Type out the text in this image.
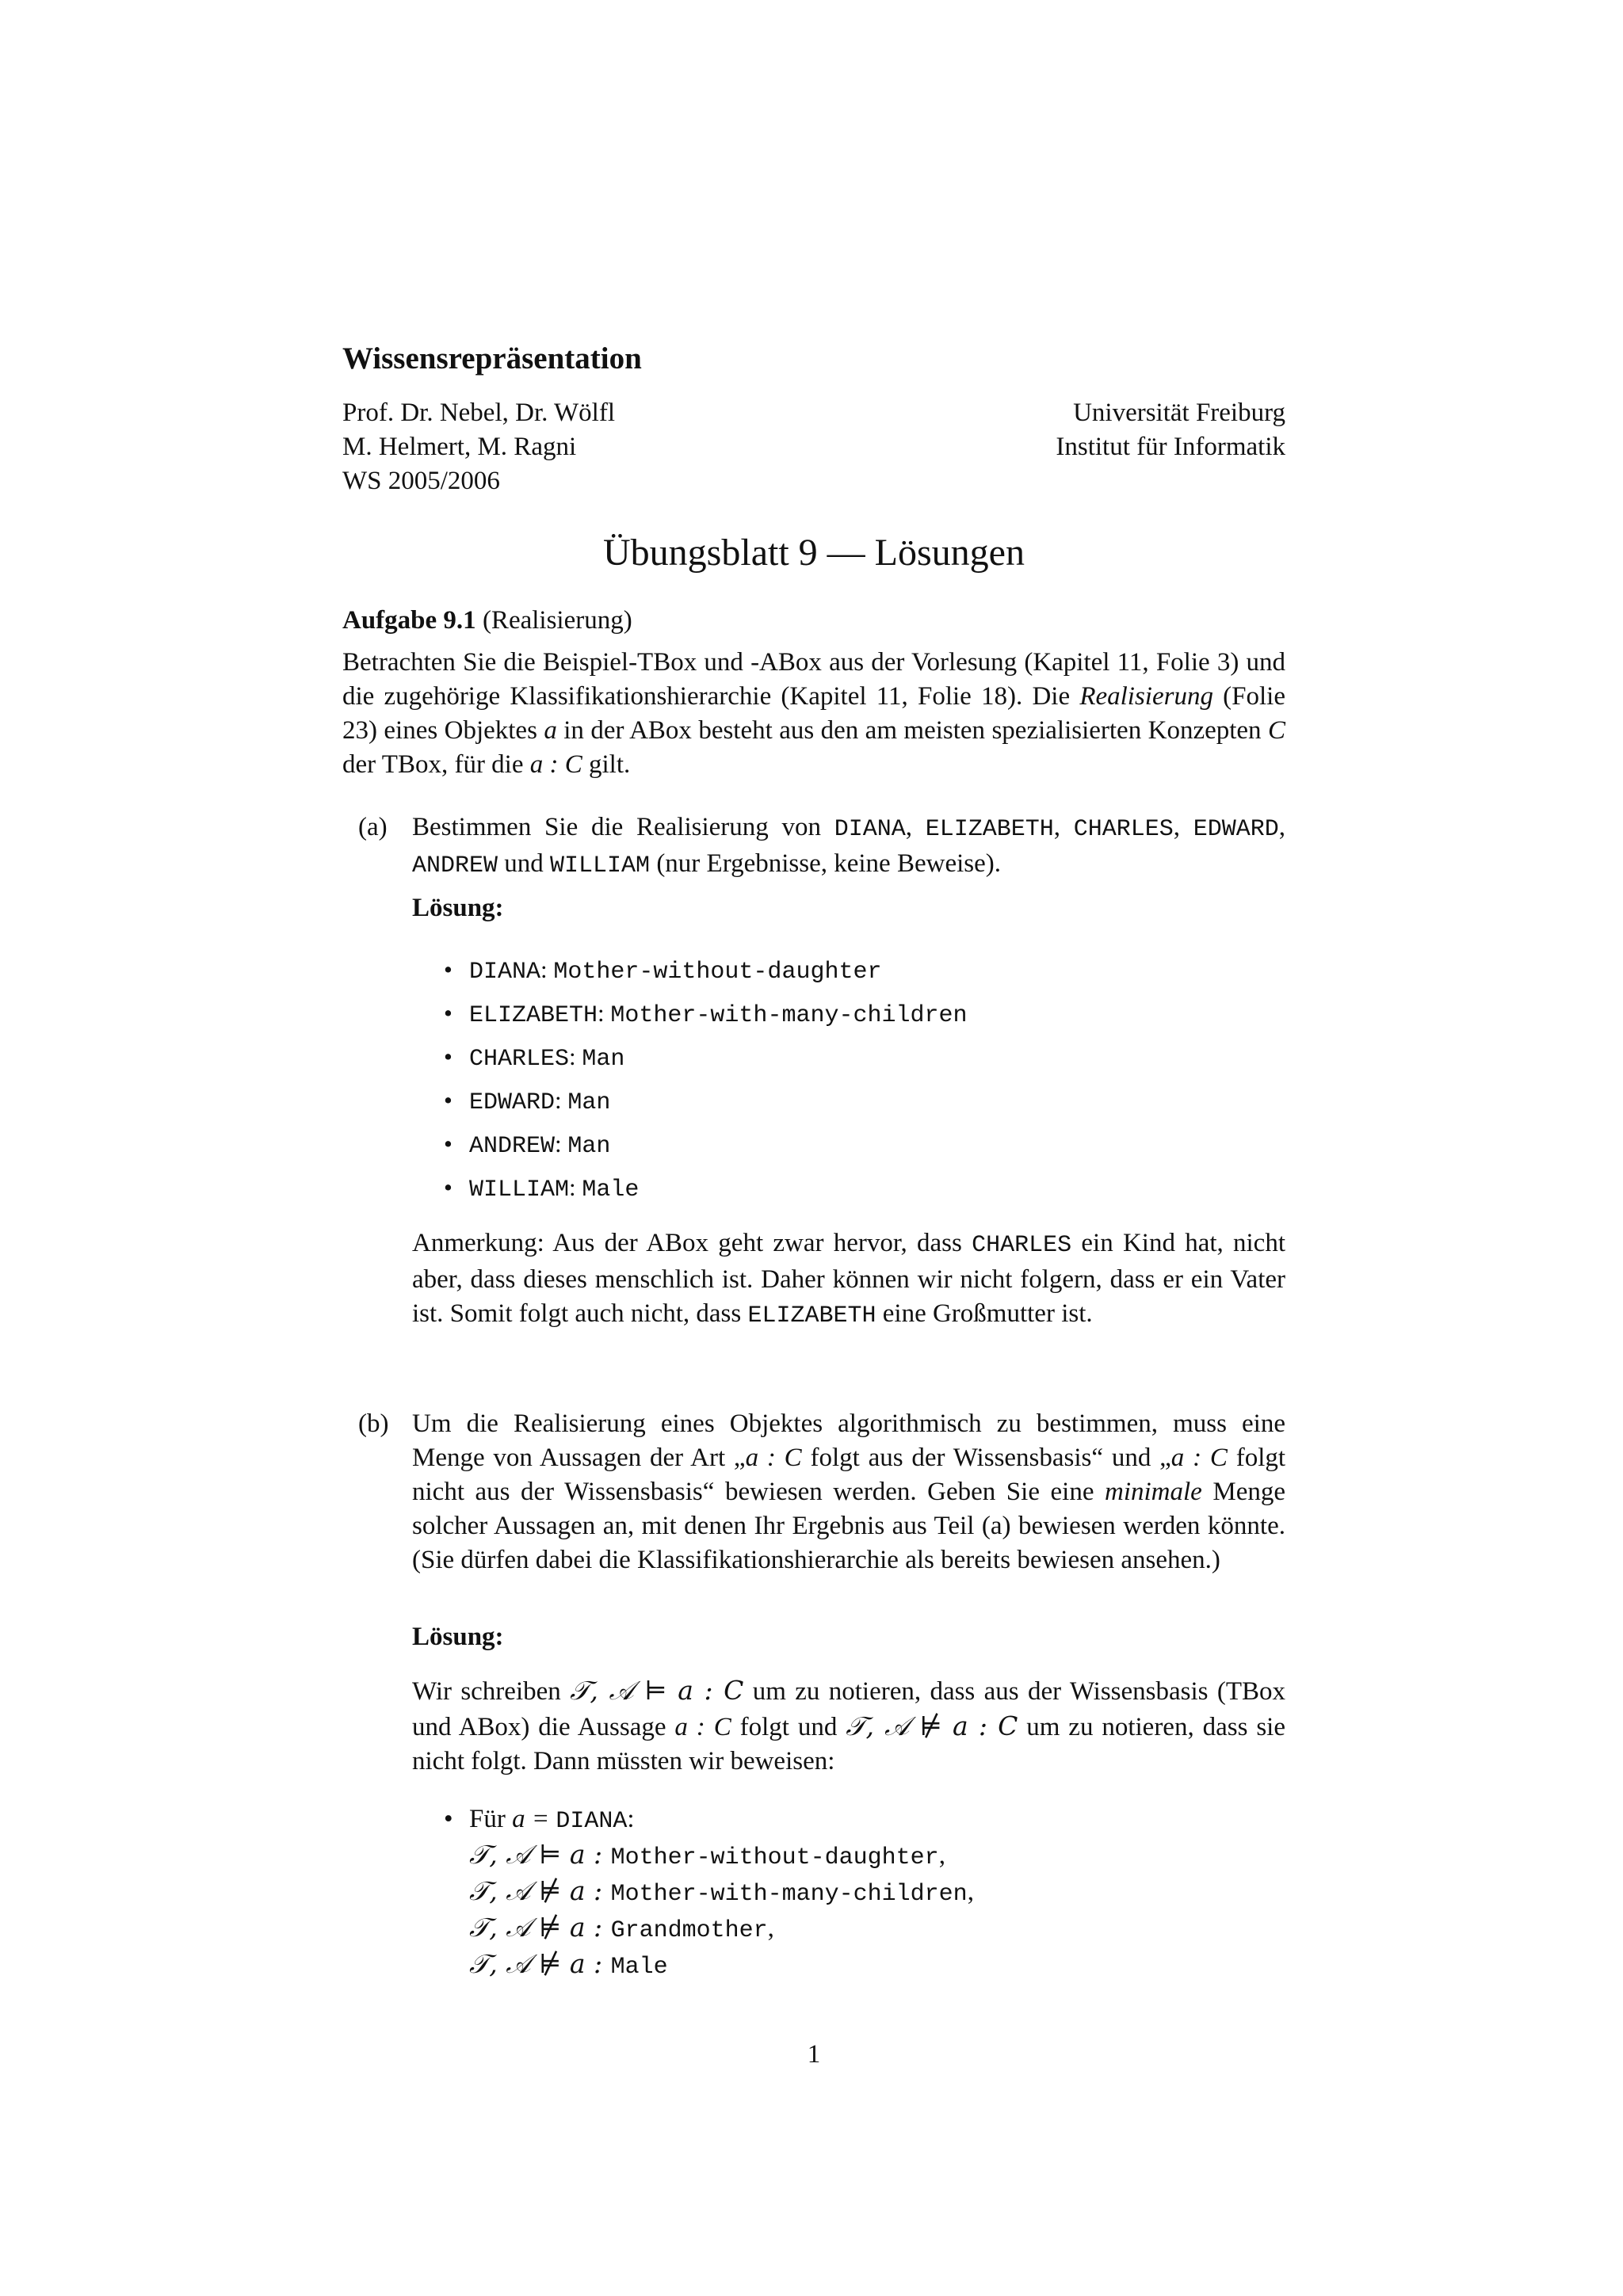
Wissensrepräsentation
Prof. Dr. Nebel, Dr. Wölfl
M. Helmert, M. Ragni
WS 2005/2006
Universität Freiburg
Institut für Informatik
Übungsblatt 9 — Lösungen
Aufgabe 9.1 (Realisierung)
Betrachten Sie die Beispiel-TBox und -ABox aus der Vorlesung (Kapitel 11, Folie 3) und die zugehörige Klassifikationshierarchie (Kapitel 11, Folie 18). Die Realisierung (Folie 23) eines Objektes a in der ABox besteht aus den am meisten spezialisierten Konzepten C der TBox, für die a : C gilt.
(a) Bestimmen Sie die Realisierung von DIANA, ELIZABETH, CHARLES, EDWARD, ANDREW und WILLIAM (nur Ergebnisse, keine Beweise).
Lösung:
• DIANA: Mother-without-daughter
• ELIZABETH: Mother-with-many-children
• CHARLES: Man
• EDWARD: Man
• ANDREW: Man
• WILLIAM: Male
Anmerkung: Aus der ABox geht zwar hervor, dass CHARLES ein Kind hat, nicht aber, dass dieses menschlich ist. Daher können wir nicht folgern, dass er ein Vater ist. Somit folgt auch nicht, dass ELIZABETH eine Großmutter ist.
(b) Um die Realisierung eines Objektes algorithmisch zu bestimmen, muss eine Menge von Aussagen der Art „a : C folgt aus der Wissensbasis“ und „a : C folgt nicht aus der Wissensbasis“ bewiesen werden. Geben Sie eine minimale Menge solcher Aussagen an, mit denen Ihr Ergebnis aus Teil (a) bewiesen werden könnte. (Sie dürfen dabei die Klassifikationshierarchie als bereits bewiesen ansehen.)
Lösung:
Wir schreiben 𝒯, 𝒜 ⊨ a : C um zu notieren, dass aus der Wissensbasis (TBox und ABox) die Aussage a : C folgt und 𝒯, 𝒜 ⊭ a : C um zu notieren, dass sie nicht folgt. Dann müssten wir beweisen:
• Für a = DIANA:
𝒯, 𝒜 ⊨ a : Mother-without-daughter,
𝒯, 𝒜 ⊭ a : Mother-with-many-children,
𝒯, 𝒜 ⊭ a : Grandmother,
𝒯, 𝒜 ⊭ a : Male
1
